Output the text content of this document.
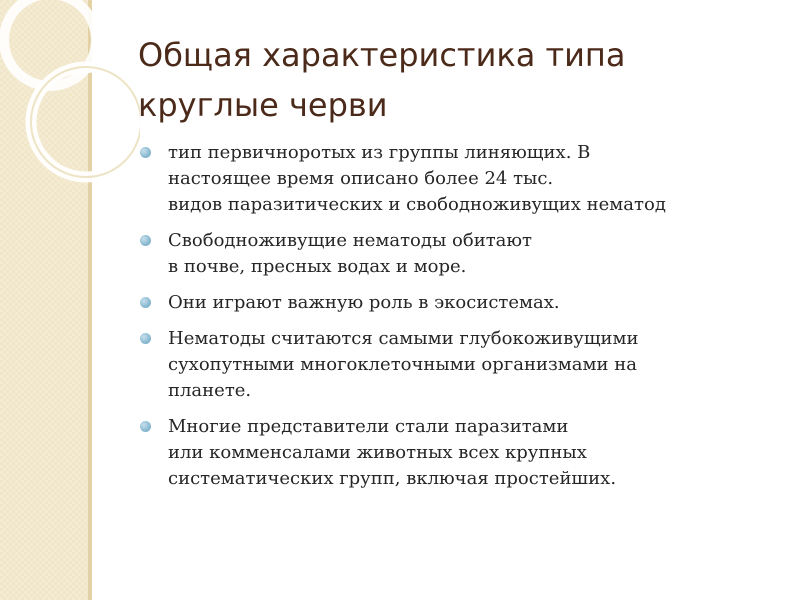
Общая характеристика типа
круглые черви
тип первичноротых из группы линяющих. В
настоящее время описано более 24 тыс.
видов паразитических и свободноживущих нематод
Свободноживущие нематоды обитают
в почве, пресных водах и море.
Они играют важную роль в экосистемах.
Нематоды считаются самыми глубокоживущими
сухопутными многоклеточными организмами на
планете.
Многие представители стали паразитами
или комменсалами животных всех крупных
систематических групп, включая простейших.
